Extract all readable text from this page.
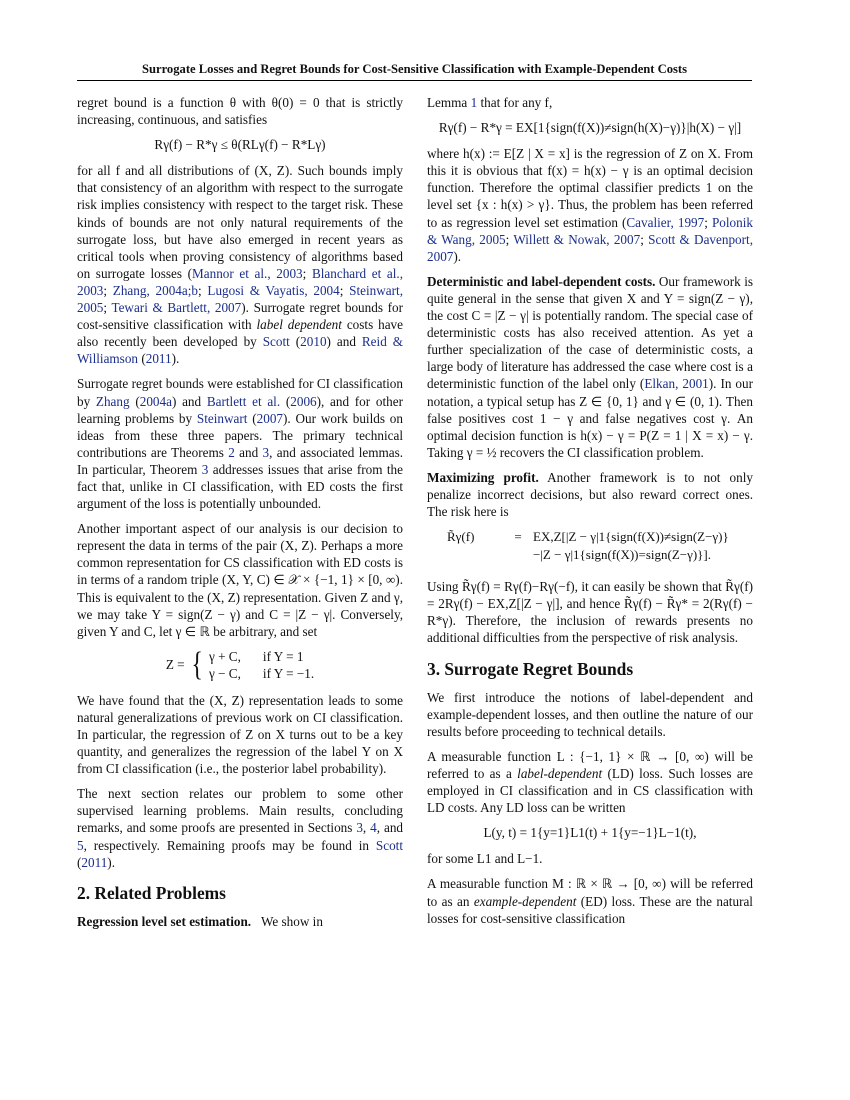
Surrogate Losses and Regret Bounds for Cost-Sensitive Classification with Example-Dependent Costs

regret bound is a function θ with θ(0) = 0 that is strictly increasing, continuous, and satisfies

Rγ(f) − R*γ ≤ θ(RLγ(f) − R*Lγ)

for all f and all distributions of (X, Z). Such bounds imply that consistency of an algorithm with respect to the surrogate risk implies consistency with respect to the target risk. These kinds of bounds are not only natural requirements of the surrogate loss, but have also emerged in recent years as critical tools when proving consistency of algorithms based on surrogate losses (Mannor et al., 2003; Blanchard et al., 2003; Zhang, 2004a;b; Lugosi & Vayatis, 2004; Steinwart, 2005; Tewari & Bartlett, 2007). Surrogate regret bounds for cost-sensitive classification with label dependent costs have also recently been developed by Scott (2010) and Reid & Williamson (2011).

Surrogate regret bounds were established for CI classification by Zhang (2004a) and Bartlett et al. (2006), and for other learning problems by Steinwart (2007). Our work builds on ideas from these three papers. The primary technical contributions are Theorems 2 and 3, and associated lemmas. In particular, Theorem 3 addresses issues that arise from the fact that, unlike in CI classification, with ED costs the first argument of the loss is potentially unbounded.

Another important aspect of our analysis is our decision to represent the data in terms of the pair (X, Z). Perhaps a more common representation for CS classification with ED costs is in terms of a random triple (X, Y, C) ∈ 𝒳 × {−1, 1} × [0, ∞). This is equivalent to the (X, Z) representation. Given Z and γ, we may take Y = sign(Z − γ) and C = |Z − γ|. Conversely, given Y and C, let γ ∈ ℝ be arbitrary, and set

Z = { γ + C, if Y = 1
γ − C, if Y = −1.

We have found that the (X, Z) representation leads to some natural generalizations of previous work on CI classification. In particular, the regression of Z on X turns out to be a key quantity, and generalizes the regression of the label Y on X from CI classification (i.e., the posterior label probability).

The next section relates our problem to some other supervised learning problems. Main results, concluding remarks, and some proofs are presented in Sections 3, 4, and 5, respectively. Remaining proofs may be found in Scott (2011).

2. Related Problems

Regression level set estimation. We show in

Lemma 1 that for any f,

Rγ(f) − R*γ = EX[1{sign(f(X))≠sign(h(X)−γ)}|h(X) − γ|]

where h(x) := E[Z | X = x] is the regression of Z on X. From this it is obvious that f(x) = h(x) − γ is an optimal decision function. Therefore the optimal classifier predicts 1 on the level set {x : h(x) > γ}. Thus, the problem has been referred to as regression level set estimation (Cavalier, 1997; Polonik & Wang, 2005; Willett & Nowak, 2007; Scott & Davenport, 2007).

Deterministic and label-dependent costs. Our framework is quite general in the sense that given X and Y = sign(Z − γ), the cost C = |Z − γ| is potentially random. The special case of deterministic costs has also received attention. As yet a further specialization of the case of deterministic costs, a large body of literature has addressed the case where cost is a deterministic function of the label only (Elkan, 2001). In our notation, a typical setup has Z ∈ {0, 1} and γ ∈ (0, 1). Then false positives cost 1 − γ and false negatives cost γ. An optimal decision function is h(x) − γ = P(Z = 1 | X = x) − γ. Taking γ = ½ recovers the CI classification problem.

Maximizing profit. Another framework is to not only penalize incorrect decisions, but also reward correct ones. The risk here is

R̃γ(f)	= EX,Z[|Z − γ|1{sign(f(X))≠sign(Z−γ)}
−|Z − γ|1{sign(f(X))=sign(Z−γ)}].

Using R̃γ(f) = Rγ(f)−Rγ(−f), it can easily be shown that R̃γ(f) = 2Rγ(f) − EX,Z[|Z − γ|], and hence R̃γ(f) − R̃γ* = 2(Rγ(f) − R*γ). Therefore, the inclusion of rewards presents no additional difficulties from the perspective of risk analysis.

3. Surrogate Regret Bounds

We first introduce the notions of label-dependent and example-dependent losses, and then outline the nature of our results before proceeding to technical details.

A measurable function L : {−1, 1} × ℝ → [0, ∞) will be referred to as a label-dependent (LD) loss. Such losses are employed in CI classification and in CS classification with LD costs. Any LD loss can be written

L(y, t) = 1{y=1}L1(t) + 1{y=−1}L−1(t),

for some L1 and L−1.

A measurable function M : ℝ × ℝ → [0, ∞) will be referred to as an example-dependent (ED) loss. These are the natural losses for cost-sensitive classification
